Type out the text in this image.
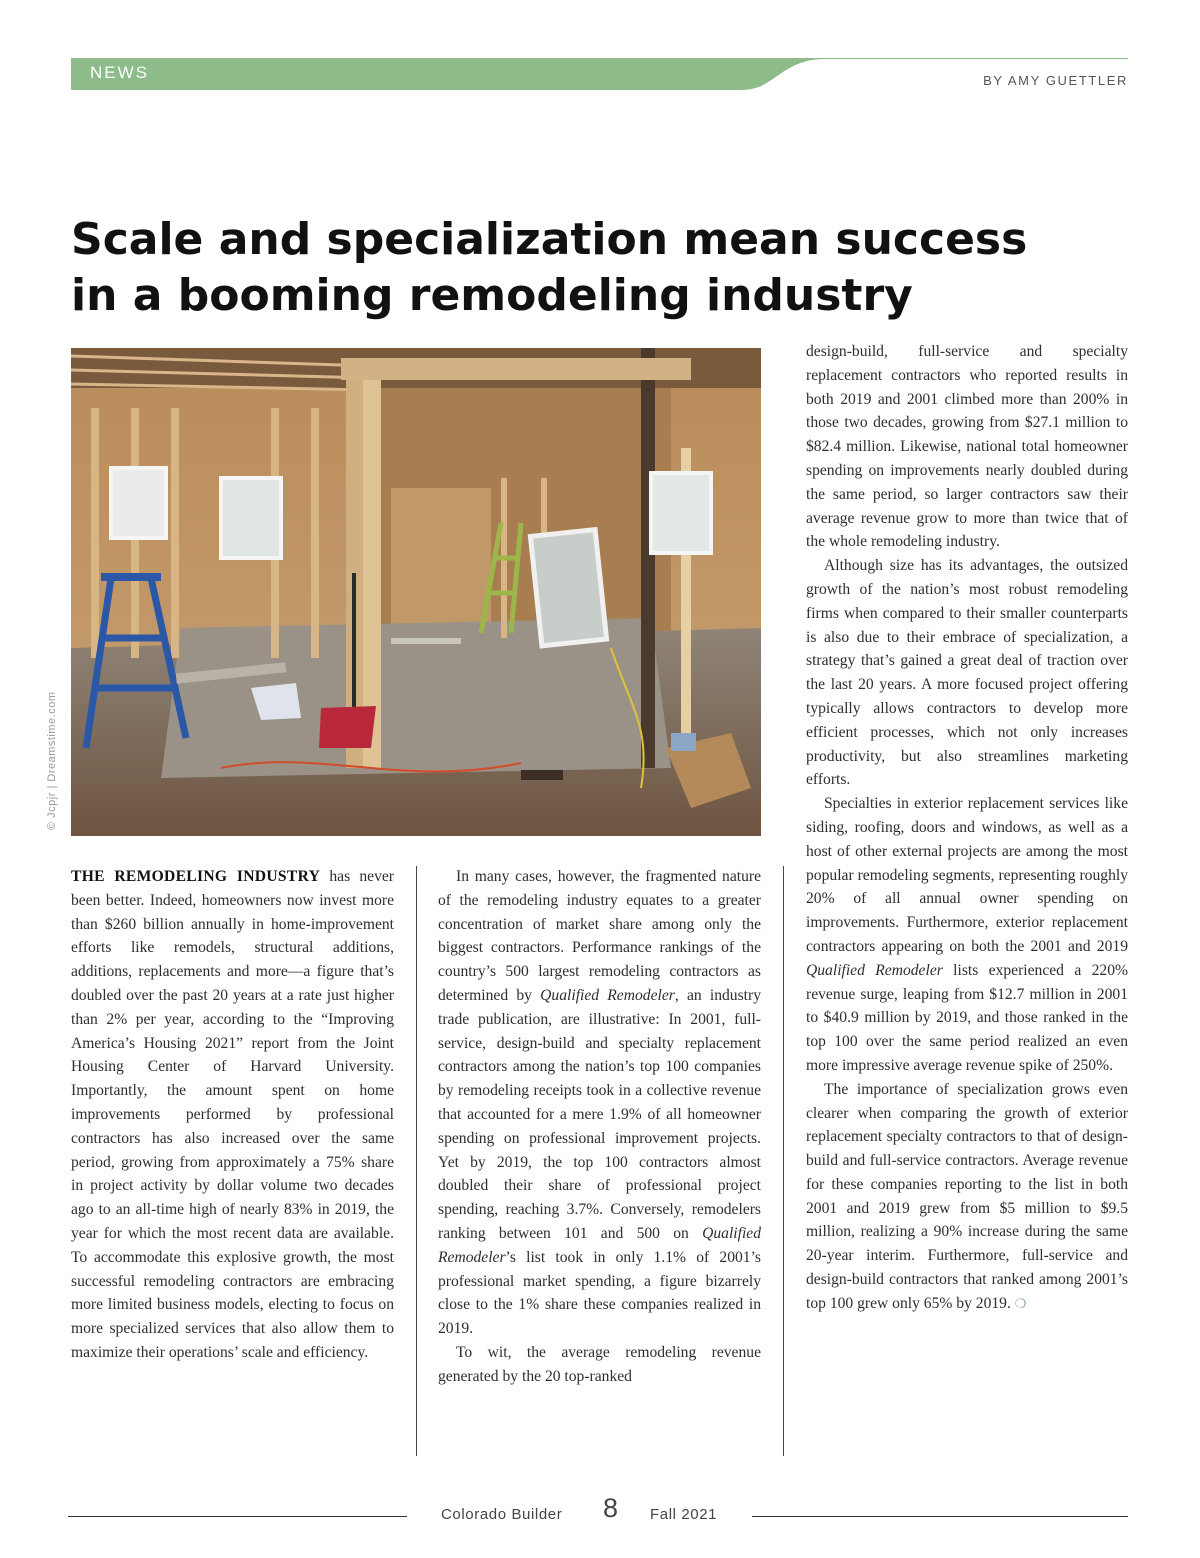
NEWS	BY AMY GUETTLER
Scale and specialization mean success
in a booming remodeling industry
© Jcpjr | Dreamstime.com

THE REMODELING INDUSTRY has never been better. Indeed, homeowners now invest more than $260 billion annually in home-improvement efforts like remodels, structural additions, additions, replacements and more—a figure that’s doubled over the past 20 years at a rate just higher than 2% per year, according to the “Improving America’s Housing 2021” report from the Joint Housing Center of Harvard University. Importantly, the amount spent on home improvements performed by professional contractors has also increased over the same period, growing from approximately a 75% share in project activity by dollar volume two decades ago to an all-time high of nearly 83% in 2019, the year for which the most recent data are available. To accommodate this explosive growth, the most successful remodeling contractors are embracing more limited business models, electing to focus on more specialized services that also allow them to maximize their operations’ scale and efficiency.

In many cases, however, the fragmented nature of the remodeling industry equates to a greater concentration of market share among only the biggest contractors. Performance rankings of the country’s 500 largest remodeling contractors as determined by Qualified Remodeler, an industry trade publication, are illustrative: In 2001, full-service, design-build and specialty replacement contractors among the nation’s top 100 companies by remodeling receipts took in a collective revenue that accounted for a mere 1.9% of all homeowner spending on professional improvement projects. Yet by 2019, the top 100 contractors almost doubled their share of professional project spending, reaching 3.7%. Conversely, remodelers ranking between 101 and 500 on Qualified Remodeler’s list took in only 1.1% of 2001’s professional market spending, a figure bizarrely close to the 1% share these companies realized in 2019.

To wit, the average remodeling revenue generated by the 20 top-ranked

design-build, full-service and specialty replacement contractors who reported results in both 2019 and 2001 climbed more than 200% in those two decades, growing from $27.1 million to $82.4 million. Likewise, national total homeowner spending on improvements nearly doubled during the same period, so larger contractors saw their average revenue grow to more than twice that of the whole remodeling industry.

Although size has its advantages, the outsized growth of the nation’s most robust remodeling firms when compared to their smaller counterparts is also due to their embrace of specialization, a strategy that’s gained a great deal of traction over the last 20 years. A more focused project offering typically allows contractors to develop more efficient processes, which not only increases productivity, but also streamlines marketing efforts.

Specialties in exterior replacement services like siding, roofing, doors and windows, as well as a host of other external projects are among the most popular remodeling segments, representing roughly 20% of all annual owner spending on improvements. Furthermore, exterior replacement contractors appearing on both the 2001 and 2019 Qualified Remodeler lists experienced a 220% revenue surge, leaping from $12.7 million in 2001 to $40.9 million by 2019, and those ranked in the top 100 over the same period realized an even more impressive average revenue spike of 250%.

The importance of specialization grows even clearer when comparing the growth of exterior replacement specialty contractors to that of design-build and full-service contractors. Average revenue for these companies reporting to the list in both 2001 and 2019 grew from $5 million to $9.5 million, realizing a 90% increase during the same 20-year interim. Furthermore, full-service and design-build contractors that ranked among 2001’s top 100 grew only 65% by 2019. ❍

Colorado Builder 8 Fall 2021
